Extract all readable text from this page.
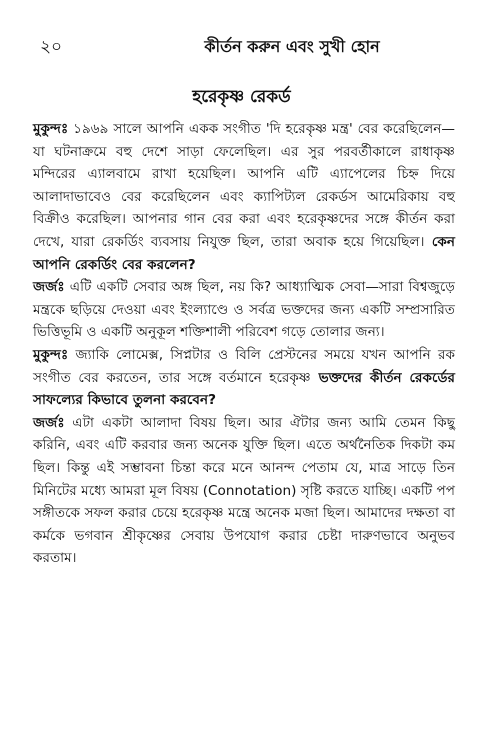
২০	কীর্তন করুন এবং সুখী হোন
হরেকৃষ্ণ রেকর্ড

মুকুন্দঃ ১৯৬৯ সালে আপনি একক সংগীত 'দি হরেকৃষ্ণ মন্ত্র' বের করেছিলেন—যা ঘটনাক্রমে বহু দেশে সাড়া ফেলেছিল। এর সুর পরবর্তীকালে রাধাকৃষ্ণ মন্দিরের এ্যালবামে রাখা হয়েছিল। আপনি এটি এ্যাপেলের চিহ্ন দিয়ে আলাদাভাবেও বের করেছিলেন এবং ক্যাপিট্যল রেকর্ডস আমেরিকায় বহু বিক্রীও করেছিল। আপনার গান বের করা এবং হরেকৃষ্ণদের সঙ্গে কীর্তন করা দেখে, যারা রেকর্ডিং ব্যবসায় নিযুক্ত ছিল, তারা অবাক হয়ে গিয়েছিল। কেন আপনি রেকর্ডিং বের করলেন?

জর্জঃ এটি একটি সেবার অঙ্গ ছিল, নয় কি? আধ্যাত্মিক সেবা—সারা বিশ্বজুড়ে মন্ত্রকে ছড়িয়ে দেওয়া এবং ইংল্যাণ্ডে ও সর্বত্র ভক্তদের জন্য একটি সম্প্রসারিত ভিত্তিভূমি ও একটি অনুকূল শক্তিশালী পরিবেশ গড়ে তোলার জন্য।

মুকুন্দঃ জ্যাকি লোমেক্স, সিপ্নটার ও বিলি প্রেস্টনের সময়ে যখন আপনি রক সংগীত বের করতেন, তার সঙ্গে বর্তমানে হরেকৃষ্ণ ভক্তদের কীর্তন রেকর্ডের সাফল্যের কিভাবে তুলনা করবেন?

জর্জঃ এটা একটা আলাদা বিষয় ছিল। আর ঐটার জন্য আমি তেমন কিছু করিনি, এবং এটি করবার জন্য অনেক যুক্তি ছিল। এতে অর্থনৈতিক দিকটা কম ছিল। কিন্তু এই সম্ভাবনা চিন্তা করে মনে আনন্দ পেতাম যে, মাত্র সাড়ে তিন মিনিটের মধ্যে আমরা মূল বিষয় (Connotation) সৃষ্টি করতে যাচ্ছি। একটি পপ সঙ্গীতকে সফল করার চেয়ে হরেকৃষ্ণ মন্ত্রে অনেক মজা ছিল। আমাদের দক্ষতা বা কর্মকে ভগবান শ্রীকৃষ্ণের সেবায় উপযোগ করার চেষ্টা দারুণভাবে অনুভব করতাম।
